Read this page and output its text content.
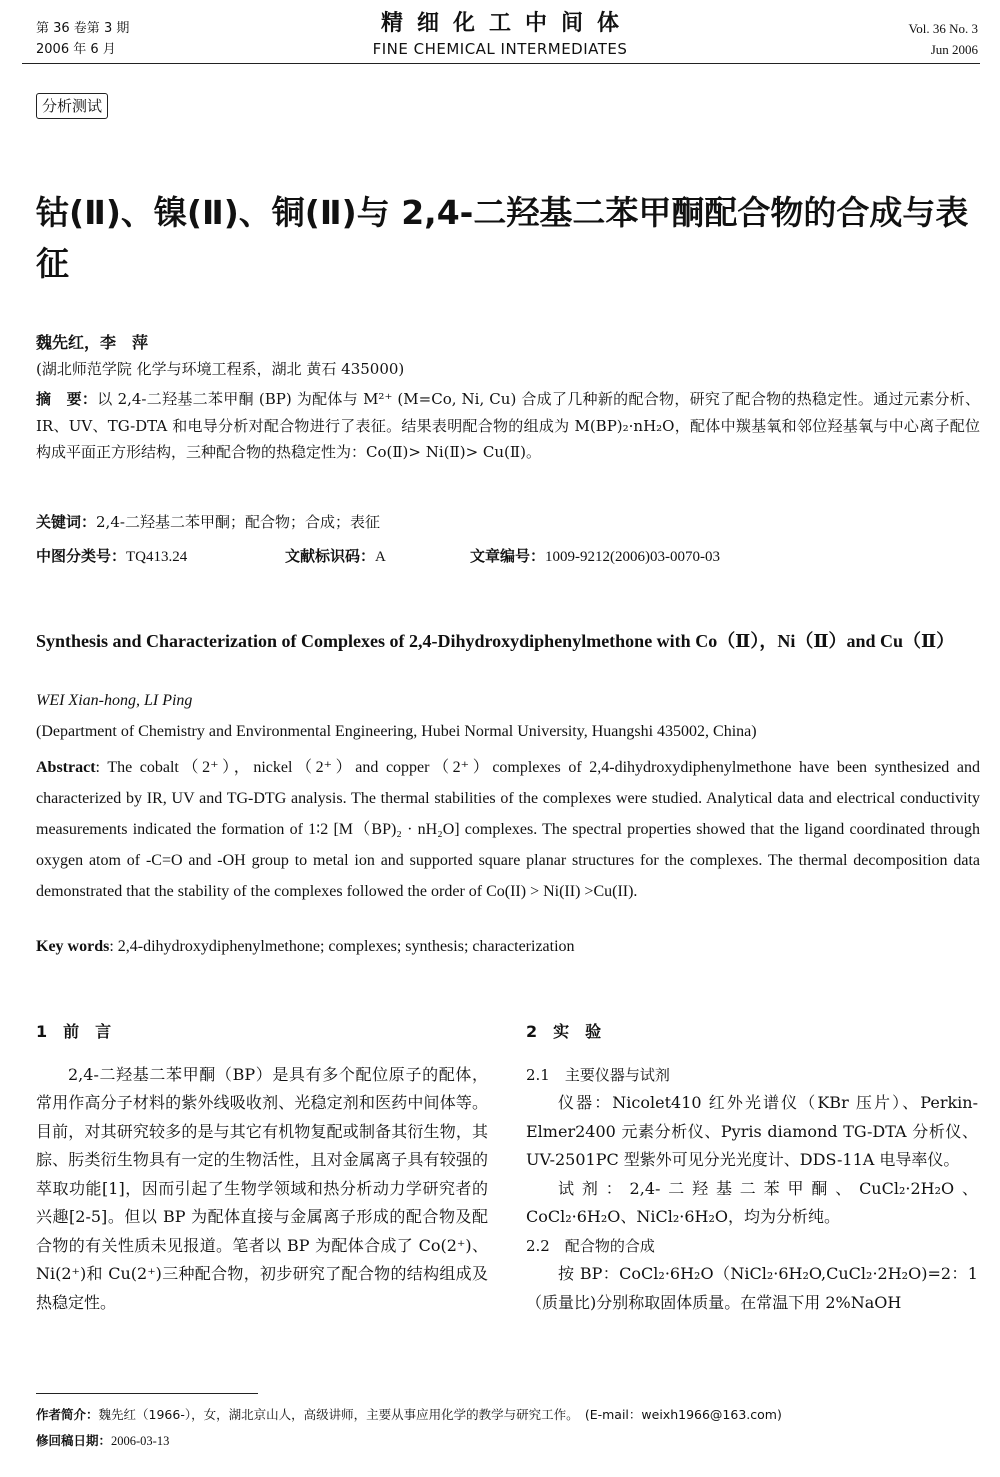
第 36 卷第 3 期
2006 年 6 月
精细化工中间体
FINE CHEMICAL INTERMEDIATES
Vol. 36 No. 3
Jun 2006
分析测试
钴(Ⅱ)、镍(Ⅱ)、铜(Ⅱ)与 2,4-二羟基二苯甲酮配合物的合成与表征
魏先红，李　萍
(湖北师范学院 化学与环境工程系，湖北 黄石 435000)
摘　要：以 2,4-二羟基二苯甲酮 (BP) 为配体与 M²⁺ (M=Co, Ni, Cu) 合成了几种新的配合物，研究了配合物的热稳定性。通过元素分析、IR、UV、TG-DTA 和电导分析对配合物进行了表征。结果表明配合物的组成为 M(BP)₂·nH₂O，配体中羰基氧和邻位羟基氧与中心离子配位构成平面正方形结构，三种配合物的热稳定性为：Co(Ⅱ)> Ni(Ⅱ)> Cu(Ⅱ)。
关键词：2,4-二羟基二苯甲酮；配合物；合成；表征
中图分类号：TQ413.24	文献标识码：A	文章编号：1009-9212(2006)03-0070-03
Synthesis and Characterization of Complexes of 2,4-Dihydroxydiphenylmethone with Co（Ⅱ），Ni（Ⅱ）and Cu（Ⅱ）
WEI Xian-hong, LI Ping
(Department of Chemistry and Environmental Engineering, Hubei Normal University, Huangshi 435002, China)
Abstract: The cobalt（2⁺），nickel（2⁺）and copper（2⁺）complexes of 2,4-dihydroxydiphenylmethone have been synthesized and characterized by IR, UV and TG-DTG analysis. The thermal stabilities of the complexes were studied. Analytical data and electrical conductivity measurements indicated the formation of 1∶2 [M（BP)₂ · nH₂O] complexes. The spectral properties showed that the ligand coordinated through oxygen atom of -C=O and -OH group to metal ion and supported square planar structures for the complexes. The thermal decomposition data demonstrated that the stability of the complexes followed the order of Co(II) > Ni(II) >Cu(II).
Key words: 2,4-dihydroxydiphenylmethone; complexes; synthesis; characterization
1　前　言

2,4-二羟基二苯甲酮（BP）是具有多个配位原子的配体，常用作高分子材料的紫外线吸收剂、光稳定剂和医药中间体等。目前，对其研究较多的是与其它有机物复配或制备其衍生物，其腙、肟类衍生物具有一定的生物活性，且对金属离子具有较强的萃取功能[1]，因而引起了生物学领域和热分析动力学研究者的兴趣[2-5]。但以 BP 为配体直接与金属离子形成的配合物及配合物的有关性质未见报道。笔者以 BP 为配体合成了 Co(2⁺)、Ni(2⁺)和 Cu(2⁺)三种配合物，初步研究了配合物的结构组成及热稳定性。

2　实　验
2.1　主要仪器与试剂

仪器：Nicolet410 红外光谱仪（KBr 压片）、Perkin-Elmer2400 元素分析仪、Pyris diamond TG-DTA 分析仪、UV-2501PC 型紫外可见分光光度计、DDS-11A 电导率仪。

试剂：2,4-二羟基二苯甲酮、CuCl₂·2H₂O、CoCl₂·6H₂O、NiCl₂·6H₂O，均为分析纯。

2.2　配合物的合成

按 BP：CoCl₂·6H₂O（NiCl₂·6H₂O,CuCl₂·2H₂O)=2：1（质量比)分别称取固体质量。在常温下用 2%NaOH

作者简介：魏先红（1966-），女，湖北京山人，高级讲师，主要从事应用化学的教学与研究工作。　(E-mail：weixh1966@163.com)
修回稿日期：2006-03-13
